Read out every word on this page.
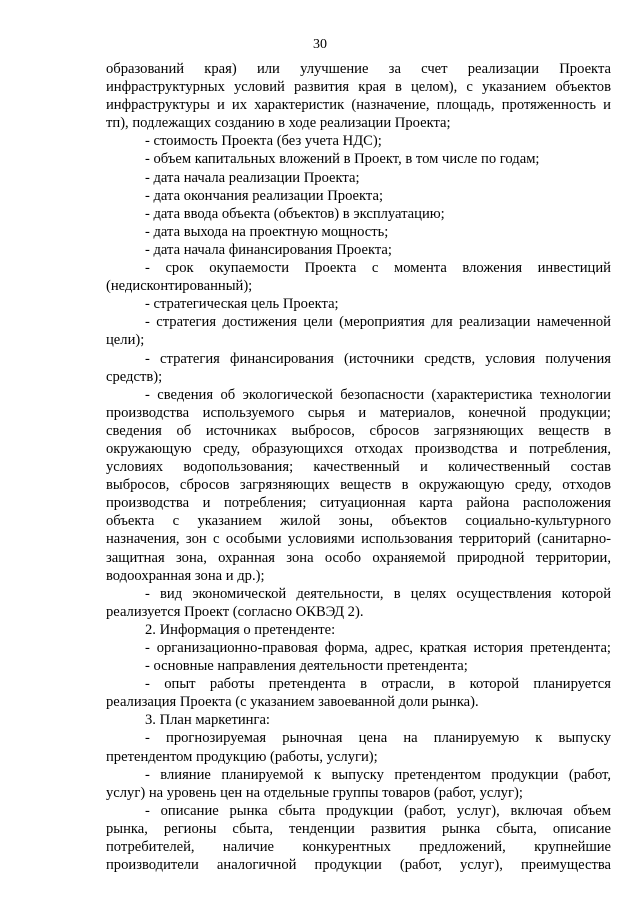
30
образований края) или улучшение за счет реализации Проекта
инфраструктурных условий развития края в целом), с указанием объектов
инфраструктуры и их характеристик (назначение, площадь, протяженность и
тп), подлежащих созданию в ходе реализации Проекта;
- стоимость Проекта (без учета НДС);
- объем капитальных вложений в Проект, в том числе по годам;
- дата начала реализации Проекта;
- дата окончания реализации Проекта;
- дата ввода объекта (объектов) в эксплуатацию;
- дата выхода на проектную мощность;
- дата начала финансирования Проекта;
- срок окупаемости Проекта с момента вложения инвестиций
(недисконтированный);
- стратегическая цель Проекта;
- стратегия достижения цели (мероприятия для реализации намеченной
цели);
- стратегия финансирования (источники средств, условия получения
средств);
- сведения об экологической безопасности (характеристика технологии
производства используемого сырья и материалов, конечной продукции;
сведения об источниках выбросов, сбросов загрязняющих веществ в
окружающую среду, образующихся отходах производства и потребления,
условиях водопользования; качественный и количественный состав
выбросов, сбросов загрязняющих веществ в окружающую среду, отходов
производства и потребления; ситуационная карта района расположения
объекта с указанием жилой зоны, объектов социально-культурного
назначения, зон с особыми условиями использования территорий (санитарно-
защитная зона, охранная зона особо охраняемой природной территории,
водоохранная зона и др.);
- вид экономической деятельности, в целях осуществления которой
реализуется Проект (согласно ОКВЭД 2).
2. Информация о претенденте:
- организационно-правовая форма, адрес, краткая история претендента;
- основные направления деятельности претендента;
- опыт работы претендента в отрасли, в которой планируется
реализация Проекта (с указанием завоеванной доли рынка).
3. План маркетинга:
- прогнозируемая рыночная цена на планируемую к выпуску
претендентом продукцию (работы, услуги);
- влияние планируемой к выпуску претендентом продукции (работ,
услуг) на уровень цен на отдельные группы товаров (работ, услуг);
- описание рынка сбыта продукции (работ, услуг), включая объем
рынка, регионы сбыта, тенденции развития рынка сбыта, описание
потребителей, наличие конкурентных предложений, крупнейшие
производители аналогичной продукции (работ, услуг), преимущества
